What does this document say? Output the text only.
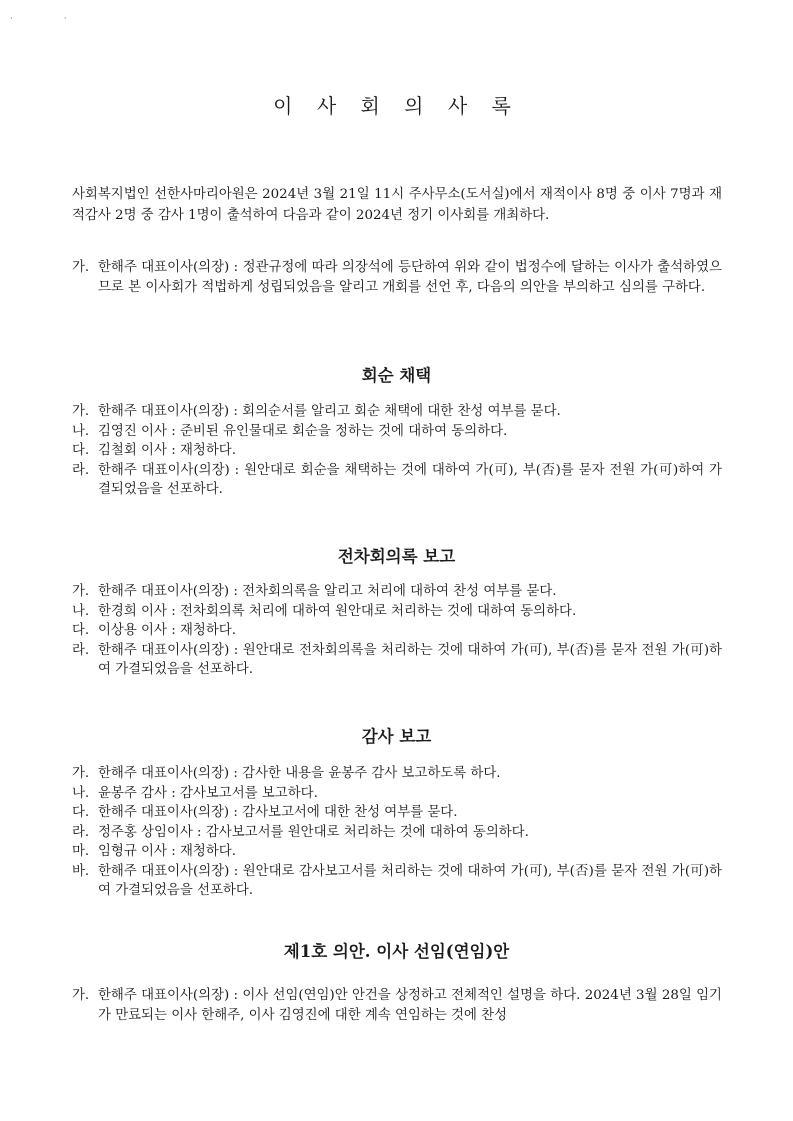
· ·
이 사 회 의 사 록
사회복지법인 선한사마리아원은 2024년 3월 21일 11시 주사무소(도서실)에서 재적이사 8명 중 이사 7명과 재적감사 2명 중 감사 1명이 출석하여 다음과 같이 2024년 정기 이사회를 개최하다.
가. 한해주 대표이사(의장) : 정관규정에 따라 의장석에 등단하여 위와 같이 법정수에 달하는 이사가 출석하였으므로 본 이사회가 적법하게 성립되었음을 알리고 개회를 선언 후, 다음의 의안을 부의하고 심의를 구하다.
회순 채택
가. 한해주 대표이사(의장) : 회의순서를 알리고 회순 채택에 대한 찬성 여부를 묻다.
나. 김영진 이사 : 준비된 유인물대로 회순을 정하는 것에 대하여 동의하다.
다. 김철회 이사 : 재청하다.
라. 한해주 대표이사(의장) : 원안대로 회순을 채택하는 것에 대하여 가(可), 부(否)를 묻자 전원 가(可)하여 가결되었음을 선포하다.
전차회의록 보고
가. 한해주 대표이사(의장) : 전차회의록을 알리고 처리에 대하여 찬성 여부를 묻다.
나. 한경희 이사 : 전차회의록 처리에 대하여 원안대로 처리하는 것에 대하여 동의하다.
다. 이상용 이사 : 재청하다.
라. 한해주 대표이사(의장) : 원안대로 전차회의록을 처리하는 것에 대하여 가(可), 부(否)를 묻자 전원 가(可)하여 가결되었음을 선포하다.
감사 보고
가. 한해주 대표이사(의장) : 감사한 내용을 윤봉주 감사 보고하도록 하다.
나. 윤봉주 감사 : 감사보고서를 보고하다.
다. 한해주 대표이사(의장) : 감사보고서에 대한 찬성 여부를 묻다.
라. 정주홍 상임이사 : 감사보고서를 원안대로 처리하는 것에 대하여 동의하다.
마. 임형규 이사 : 재청하다.
바. 한해주 대표이사(의장) : 원안대로 감사보고서를 처리하는 것에 대하여 가(可), 부(否)를 묻자 전원 가(可)하여 가결되었음을 선포하다.
제1호 의안. 이사 선임(연임)안
가. 한해주 대표이사(의장) : 이사 선임(연임)안 안건을 상정하고 전체적인 설명을 하다. 2024년 3월 28일 임기가 만료되는 이사 한해주, 이사 김영진에 대한 계속 연임하는 것에 찬성
